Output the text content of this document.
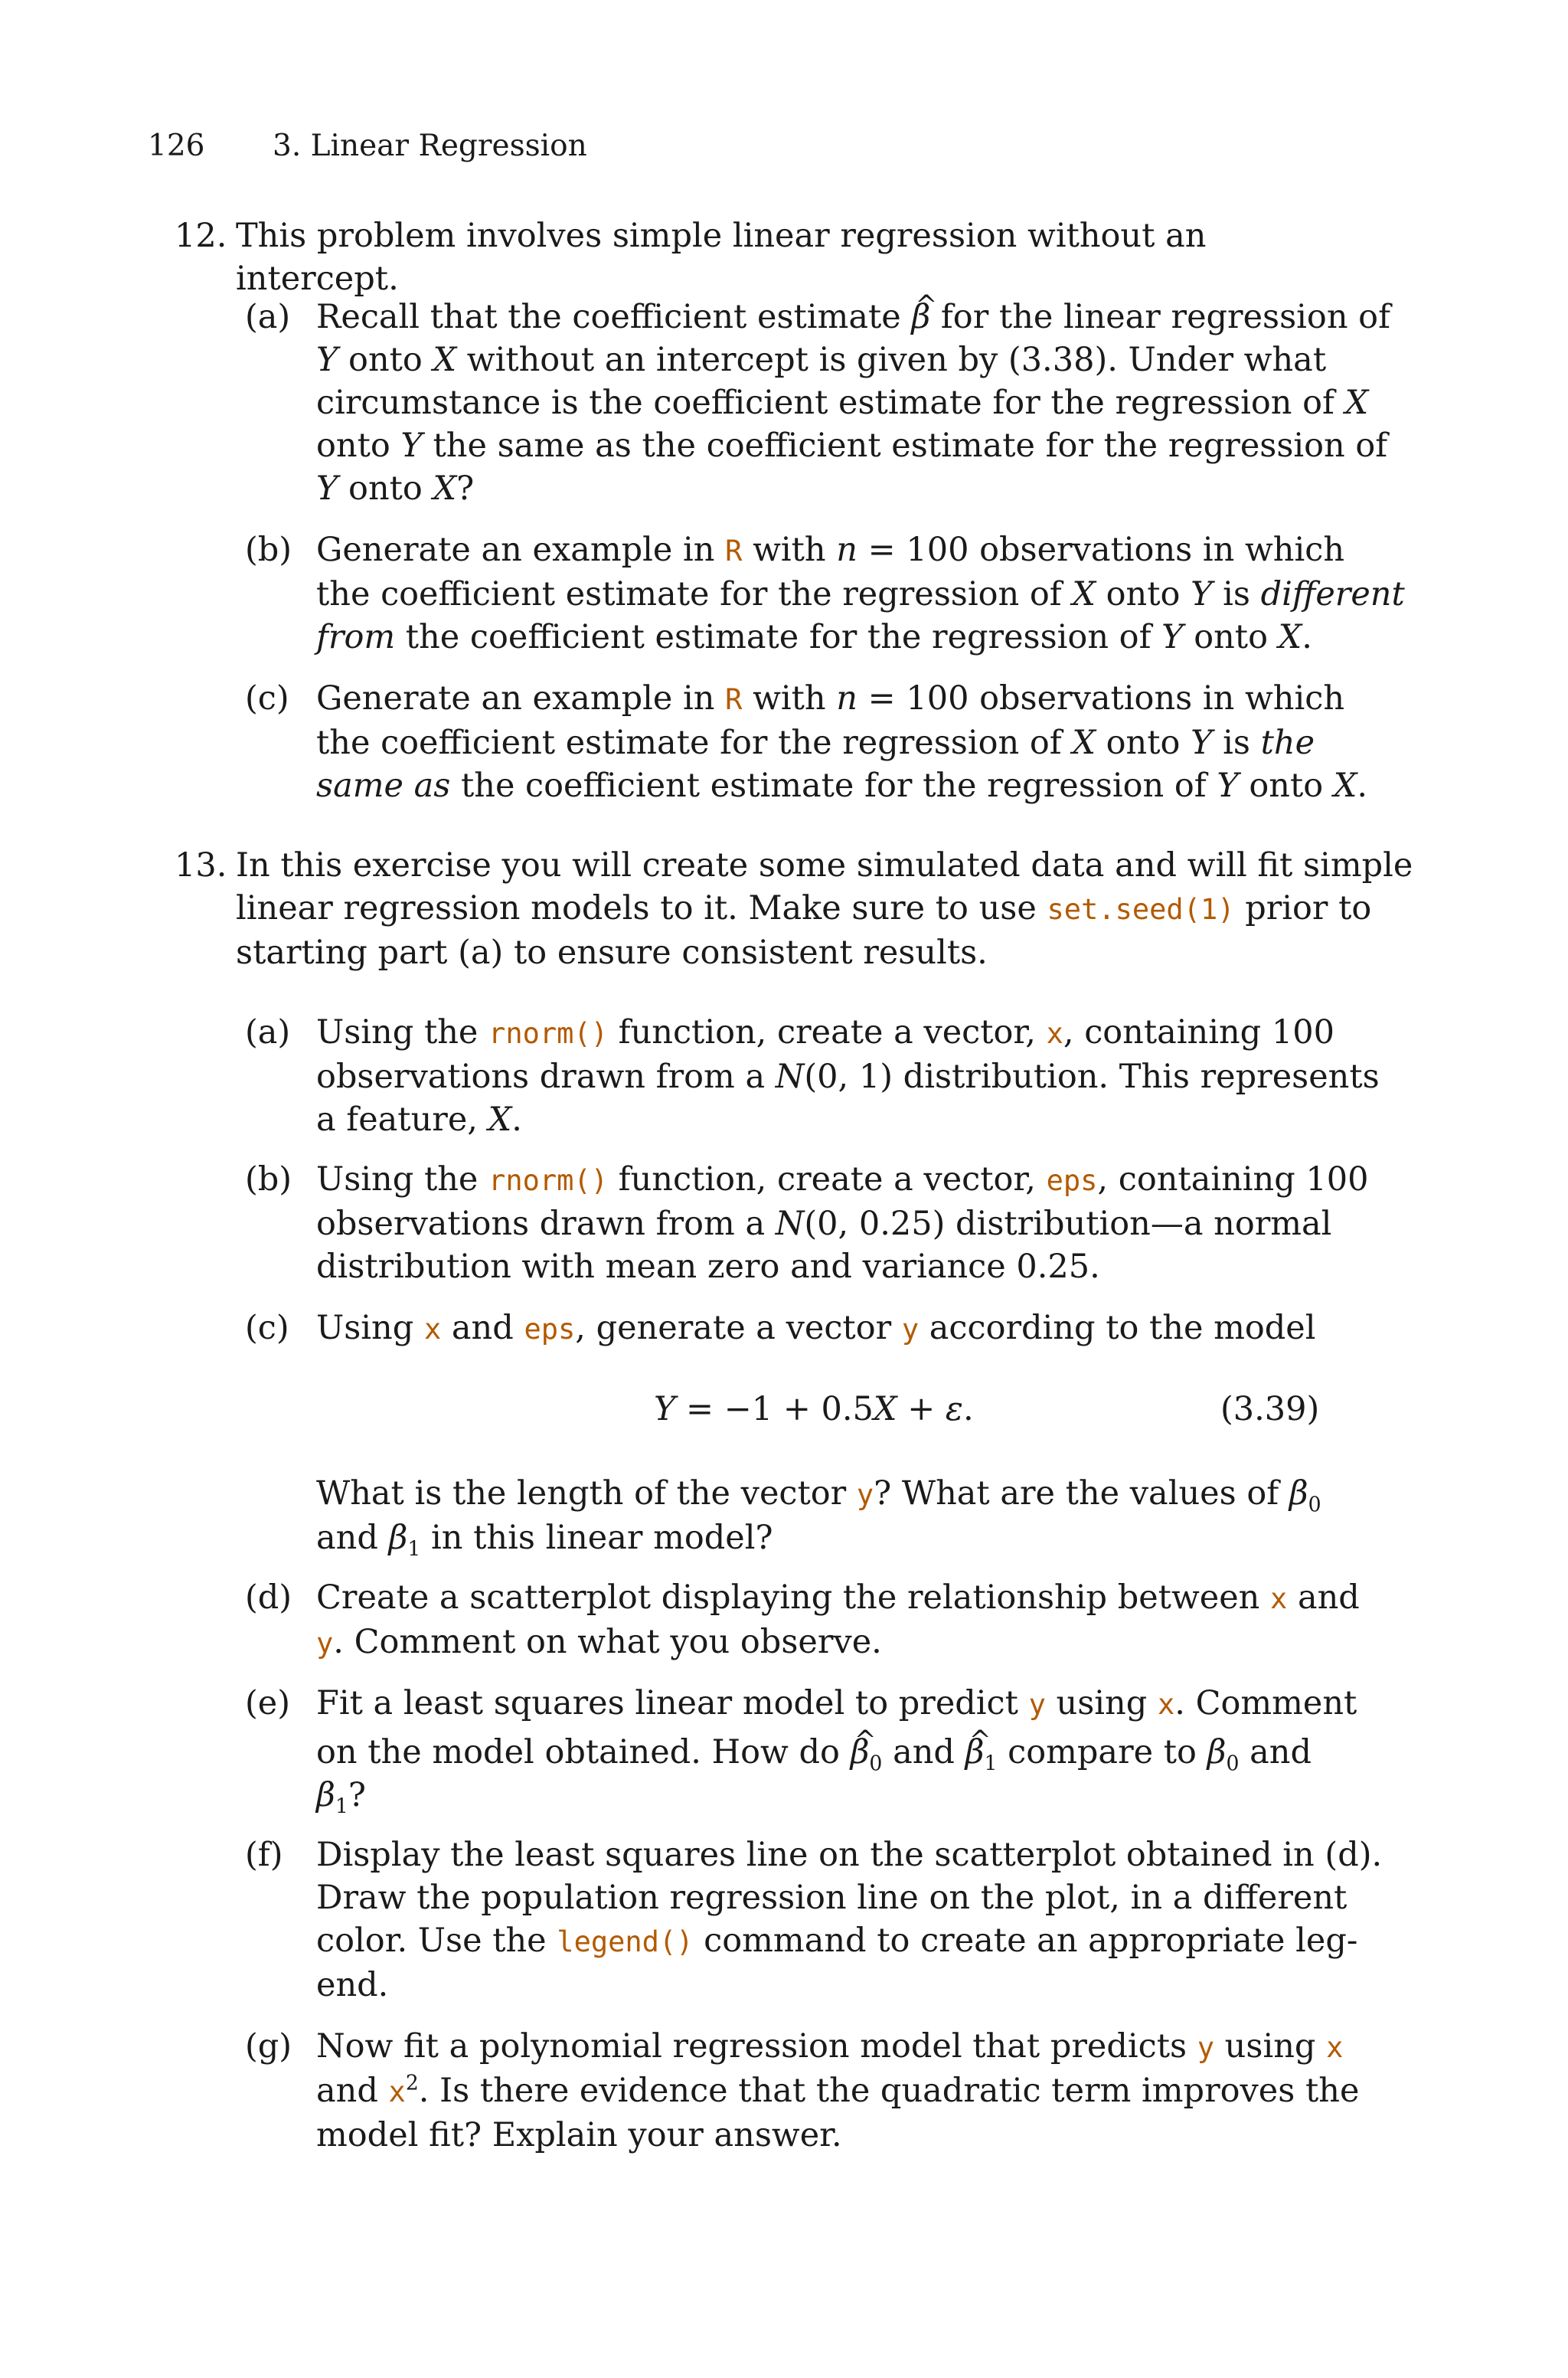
126 3. Linear Regression
12. This problem involves simple linear regression without an intercept.
(a) Recall that the coefficient estimate ^ β for the linear regression of
Y onto X without an intercept is given by (3.38). Under what
circumstance is the coefficient estimate for the regression of X
onto Y the same as the coefficient estimate for the regression of
Y onto X?
(b) Generate an example in R with n = 100 observations in which
the coefficient estimate for the regression of X onto Y is different
from the coefficient estimate for the regression of Y onto X.
(c) Generate an example in R with n = 100 observations in which
the coefficient estimate for the regression of X onto Y is the
same as the coefficient estimate for the regression of Y onto X.
13. In this exercise you will create some simulated data and will fit simple
linear regression models to it. Make sure to use set.seed(1) prior to
starting part (a) to ensure consistent results.
(a) Using the rnorm() function, create a vector, x, containing 100
observations drawn from a N(0, 1) distribution. This represents
a feature, X.
(b) Using the rnorm() function, create a vector, eps, containing 100
observations drawn from a N(0, 0.25) distribution—a normal
distribution with mean zero and variance 0.25.
(c) Using x and eps, generate a vector y according to the model
Y = −1 + 0.5X + ε.	(3.39)
What is the length of the vector y? What are the values of $\beta_0$
and $\beta_1$ in this linear model?
(d) Create a scatterplot displaying the relationship between x and
y. Comment on what you observe.
(e) Fit a least squares linear model to predict y using x. Comment
on the model obtained. How do ^ $\beta_0$ and ^ $\beta_1$ compare to $\beta_0$ and
$\beta_1$?
(f) Display the least squares line on the scatterplot obtained in (d).
Draw the population regression line on the plot, in a different
color. Use the legend() command to create an appropriate leg-
end.
(g) Now fit a polynomial regression model that predicts y using x
and $x^2$. Is there evidence that the quadratic term improves the
model fit? Explain your answer.
